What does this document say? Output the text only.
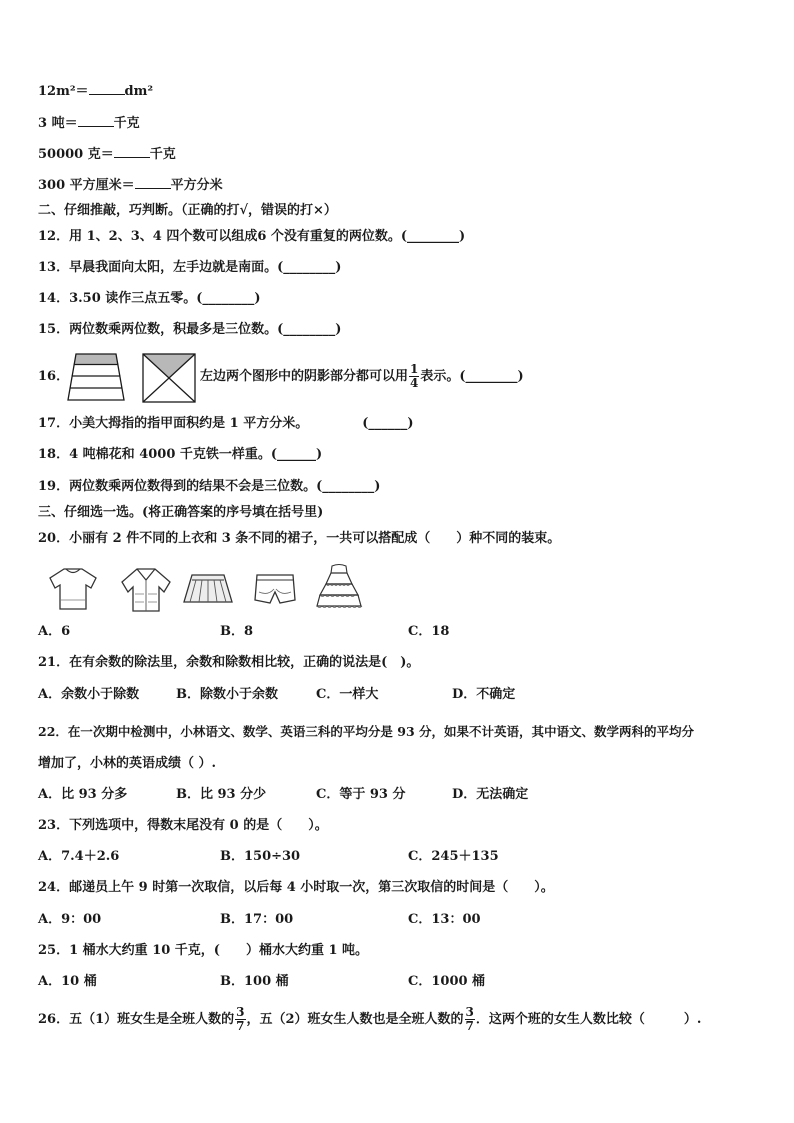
12m²＝	dm²
3 吨＝	千克
50000 克＝	千克
300 平方厘米＝	平方分米
二、仔细推敲，巧判断。（正确的打√，错误的打×）
12．用 1、2、3、4 四个数可以组成6 个没有重复的两位数。(________)
13．早晨我面向太阳，左手边就是南面。(________)
14．3.50 读作三点五零。(________)
15．两位数乘两位数，积最多是三位数。(________)
16．	左边两个图形中的阴影部分都可以用 $\frac{1}{4}$ 表示。(________)
17．小美大拇指的指甲面积约是 1 平方分米。	(______)
18．4 吨棉花和 4000 千克铁一样重。(______)
19．两位数乘两位数得到的结果不会是三位数。(________)
三、仔细选一选。(将正确答案的序号填在括号里)
20．小丽有 2 件不同的上衣和 3 条不同的裙子，一共可以搭配成（　　）种不同的装束。
A．6	B．8	C．18
21．在有余数的除法里，余数和除数相比较，正确的说法是(　)。
A．余数小于除数	B．除数小于余数	C．一样大	D．不确定
22．在一次期中检测中，小林语文、数学、英语三科的平均分是 93 分，如果不计英语，其中语文、数学两科的平均分
增加了，小林的英语成绩（ ）.
A．比 93 分多	B．比 93 分少	C．等于 93 分	D．无法确定
23．下列选项中，得数末尾没有 0 的是（　　）。
A．7.4＋2.6	B．150÷30	C．245＋135
24．邮递员上午 9 时第一次取信，以后每 4 小时取一次，第三次取信的时间是（　　）。
A．9：00	B．17：00	C．13：00
25．1 桶水大约重 10 千克，(　　）桶水大约重 1 吨。
A．10 桶	B．100 桶	C．1000 桶
26．五（1）班女生是全班人数的 $\frac{3}{7}$ ，五（2）班女生人数也是全班人数的 $\frac{3}{7}$ ．这两个班的女生人数比较（　　　）.
